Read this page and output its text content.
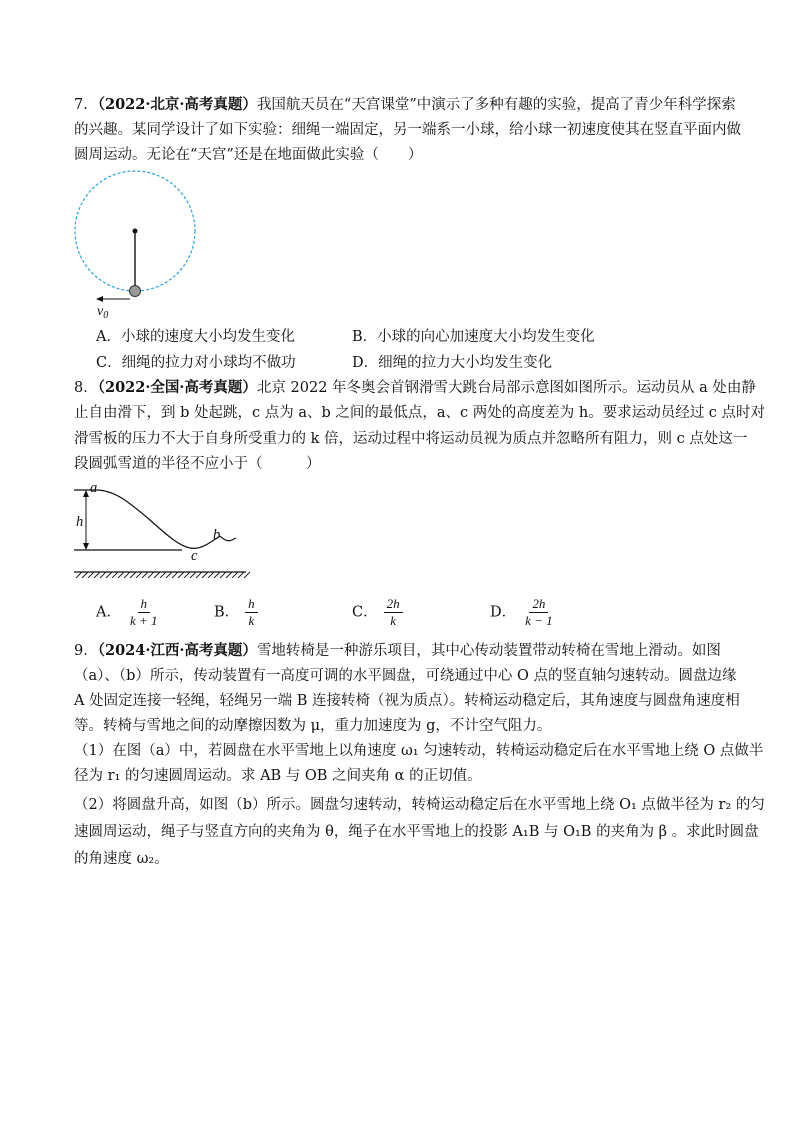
7．（2022·北京·高考真题）我国航天员在“天宫课堂”中演示了多种有趣的实验，提高了青少年科学探索
的兴趣。某同学设计了如下实验：细绳一端固定，另一端系一小球，给小球一初速度使其在竖直平面内做
圆周运动。无论在“天宫”还是在地面做此实验（　　）
$v_0$
A．小球的速度大小均发生变化	B．小球的向心加速度大小均发生变化
C．细绳的拉力对小球均不做功	D．细绳的拉力大小均发生变化
8．（2022·全国·高考真题）北京 2022 年冬奥会首钢滑雪大跳台局部示意图如图所示。运动员从 a 处由静
止自由滑下，到 b 处起跳，c 点为 a、b 之间的最低点，a、c 两处的高度差为 h。要求运动员经过 c 点时对
滑雪板的压力不大于自身所受重力的 k 倍，运动过程中将运动员视为质点并忽略所有阻力，则 c 点处这一
段圆弧雪道的半径不应小于（　　　）
a
h
b
c
A． $\frac{h}{k + 1}$	B． $\frac{h}{k}$	C． $\frac{2h}{k}$	D． $\frac{2h}{k - 1}$
9．（2024·江西·高考真题）雪地转椅是一种游乐项目，其中心传动装置带动转椅在雪地上滑动。如图
（a）、（b）所示，传动装置有一高度可调的水平圆盘，可绕通过中心 O 点的竖直轴匀速转动。圆盘边缘
A 处固定连接一轻绳，轻绳另一端 B 连接转椅（视为质点）。转椅运动稳定后，其角速度与圆盘角速度相
等。转椅与雪地之间的动摩擦因数为 μ，重力加速度为 g，不计空气阻力。
（1）在图（a）中，若圆盘在水平雪地上以角速度 ω₁ 匀速转动，转椅运动稳定后在水平雪地上绕 O 点做半
径为 r₁ 的匀速圆周运动。求 AB 与 OB 之间夹角 α 的正切值。
（2）将圆盘升高，如图（b）所示。圆盘匀速转动，转椅运动稳定后在水平雪地上绕 O₁ 点做半径为 r₂ 的匀
速圆周运动，绳子与竖直方向的夹角为 θ，绳子在水平雪地上的投影 A₁B 与 O₁B 的夹角为 β 。求此时圆盘
的角速度 ω₂。
